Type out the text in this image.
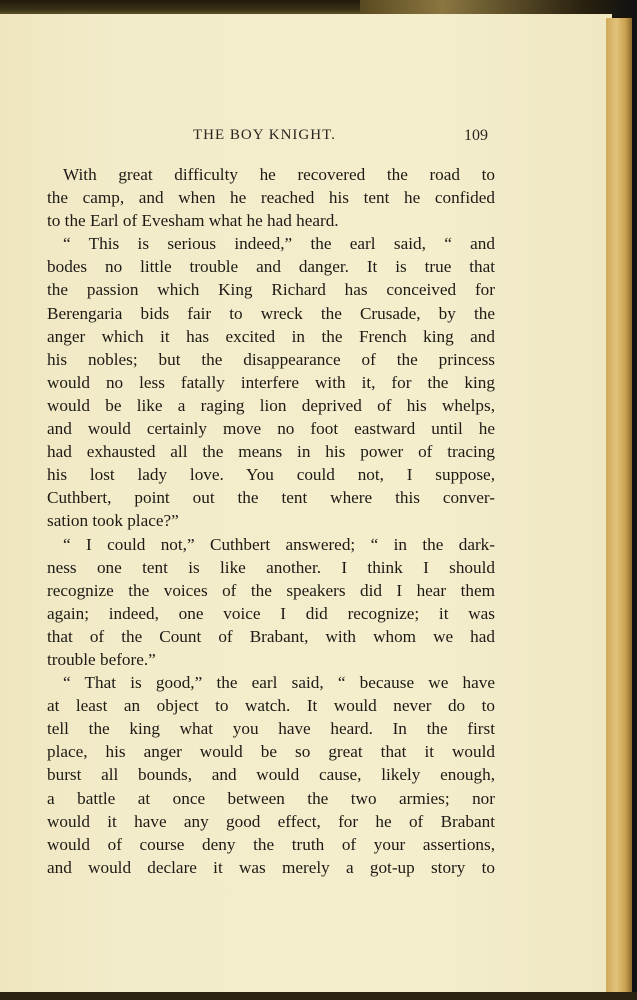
THE BOY KNIGHT.	109
With great difficulty he recovered the road to
the camp, and when he reached his tent he confided
to the Earl of Evesham what he had heard.
“ This is serious indeed,” the earl said, “ and
bodes no little trouble and danger. It is true that
the passion which King Richard has conceived for
Berengaria bids fair to wreck the Crusade, by the
anger which it has excited in the French king and
his nobles; but the disappearance of the princess
would no less fatally interfere with it, for the king
would be like a raging lion deprived of his whelps,
and would certainly move no foot eastward until he
had exhausted all the means in his power of tracing
his lost lady love. You could not, I suppose,
Cuthbert, point out the tent where this conver-
sation took place?”
“ I could not,” Cuthbert answered; “ in the dark-
ness one tent is like another. I think I should
recognize the voices of the speakers did I hear them
again; indeed, one voice I did recognize; it was
that of the Count of Brabant, with whom we had
trouble before.”
“ That is good,” the earl said, “ because we have
at least an object to watch. It would never do to
tell the king what you have heard. In the first
place, his anger would be so great that it would
burst all bounds, and would cause, likely enough,
a battle at once between the two armies; nor
would it have any good effect, for he of Brabant
would of course deny the truth of your assertions,
and would declare it was merely a got-up story to
